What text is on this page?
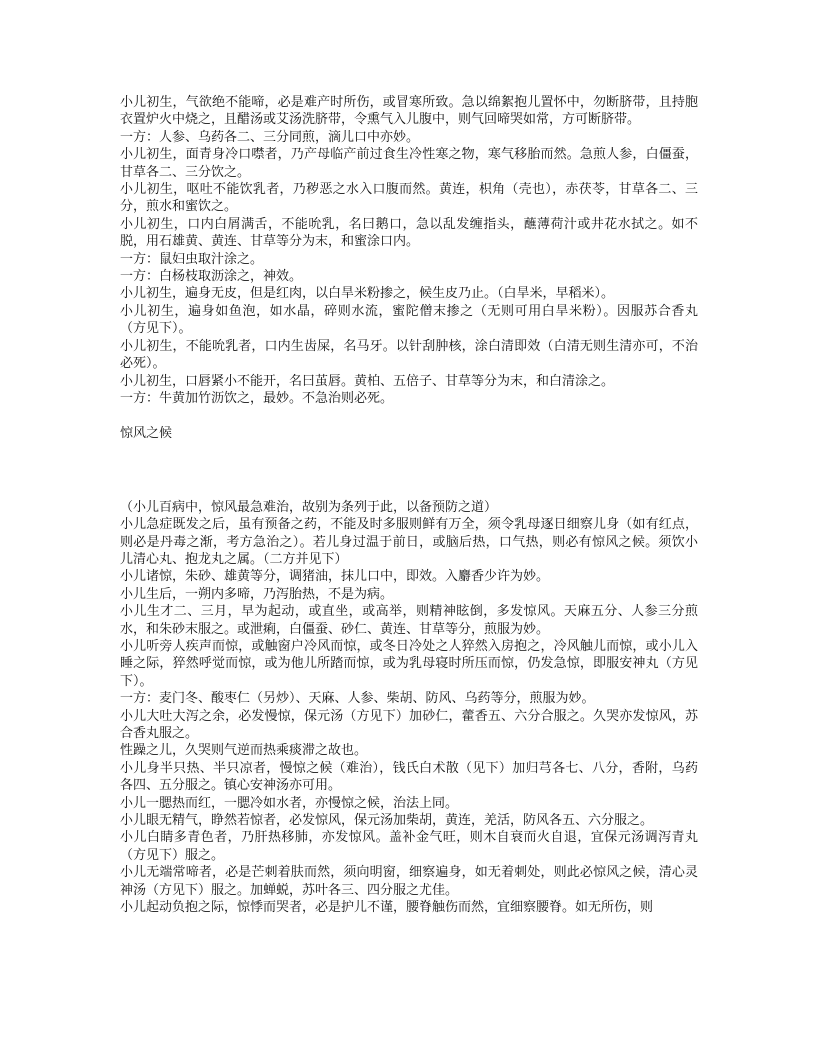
小儿初生，气欲绝不能啼，必是难产时所伤，或冒寒所致。急以绵絮抱儿置怀中，勿断脐带，且持胞衣置炉火中烧之，且醋汤或艾汤洗脐带，令熏气入儿腹中，则气回啼哭如常，方可断脐带。

一方：人参、乌药各二、三分同煎，滴儿口中亦妙。

小儿初生，面青身冷口噤者，乃产母临产前过食生冷性寒之物，寒气移胎而然。急煎人参，白僵蚕，甘草各二、三分饮之。

小儿初生，呕吐不能饮乳者，乃秽恶之水入口腹而然。黄连，枳角（壳也），赤茯苓，甘草各二、三分，煎水和蜜饮之。

小儿初生，口内白屑满舌，不能吮乳，名曰鹅口，急以乱发缠指头，蘸薄荷汁或井花水拭之。如不脱，用石雄黄、黄连、甘草等分为末，和蜜涂口内。

一方：鼠妇虫取汁涂之。

一方：白杨枝取沥涂之，神效。

小儿初生，遍身无皮，但是红肉，以白旱米粉掺之，候生皮乃止。（白旱米，早稻米）。

小儿初生，遍身如鱼泡，如水晶，碎则水流，蜜陀僧末掺之（无则可用白旱米粉）。因服苏合香丸（方见下）。

小儿初生，不能吮乳者，口内生齿屎，名马牙。以针刮肿核，涂白清即效（白清无则生清亦可，不治必死）。

小儿初生，口唇紧小不能开，名曰茧唇。黄柏、五倍子、甘草等分为末，和白清涂之。

一方：牛黄加竹沥饮之，最妙。不急治则必死。

惊风之候

（小儿百病中，惊风最急难治，故别为条列于此，以备预防之道）

小儿急症既发之后，虽有预备之药，不能及时多服则鲜有万全，须令乳母逐日细察儿身（如有红点，则必是丹毒之渐，考方急治之）。若儿身过温于前日，或脑后热，口气热，则必有惊风之候。须饮小儿清心丸、抱龙丸之属。（二方并见下）

小儿诸惊，朱砂、雄黄等分，调猪油，抹儿口中，即效。入麝香少许为妙。

小儿生后，一朔内多啼，乃泻胎热，不是为病。

小儿生才二、三月，早为起动，或直坐，或高举，则精神眩倒，多发惊风。天麻五分、人参三分煎水，和朱砂末服之。或泄痢，白僵蚕、砂仁、黄连、甘草等分，煎服为妙。

小儿听旁人疾声而惊，或触窗户冷风而惊，或冬日冷处之人猝然入房抱之，冷风触儿而惊，或小儿入睡之际，猝然呼觉而惊，或为他儿所踏而惊，或为乳母寝时所压而惊，仍发急惊，即服安神丸（方见下）。

一方：麦门冬、酸枣仁（另炒）、天麻、人参、柴胡、防风、乌药等分，煎服为妙。

小儿大吐大泻之余，必发慢惊，保元汤（方见下）加砂仁，藿香五、六分合服之。久哭亦发惊风，苏合香丸服之。

性躁之儿，久哭则气逆而热乘痰滞之故也。

小儿身半只热、半只凉者，慢惊之候（难治），钱氏白术散（见下）加归芎各七、八分，香附，乌药各四、五分服之。镇心安神汤亦可用。

小儿一腮热而红，一腮冷如水者，亦慢惊之候，治法上同。

小儿眼无精气，睁然若惊者，必发惊风，保元汤加柴胡，黄连，羌活，防风各五、六分服之。

小儿白睛多青色者，乃肝热移肺，亦发惊风。盖补金气旺，则木自衰而火自退，宜保元汤调泻青丸（方见下）服之。

小儿无端常啼者，必是芒刺着肤而然，须向明窗，细察遍身，如无着刺处，则此必惊风之候，清心灵神汤（方见下）服之。加蝉蜕，苏叶各三、四分服之尤佳。

小儿起动负抱之际，惊悸而哭者，必是护儿不谨，腰脊触伤而然，宜细察腰脊。如无所伤，则
